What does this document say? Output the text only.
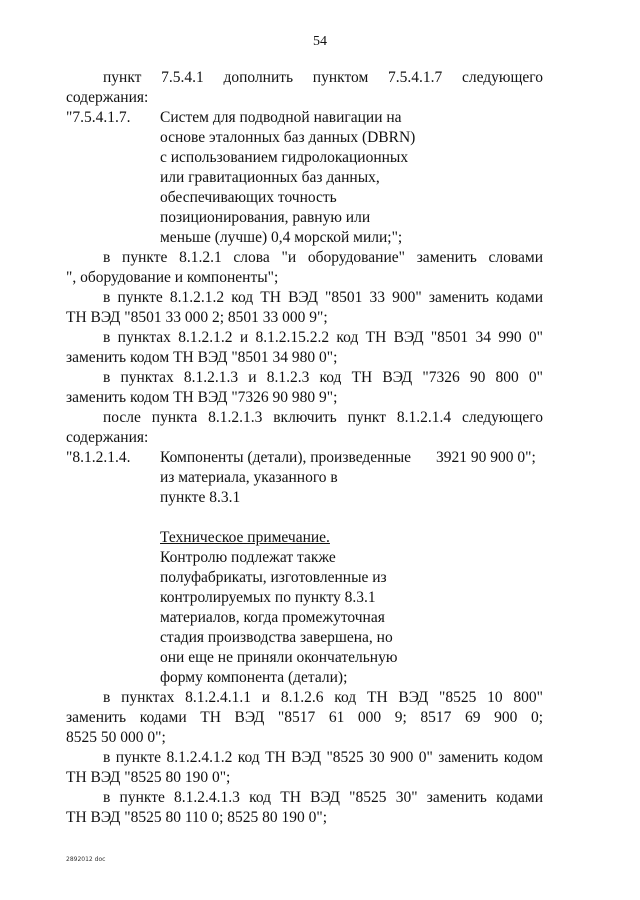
54
пункт 7.5.4.1 дополнить пунктом 7.5.4.1.7 следующего
содержания:
"7.5.4.1.7. Систем для подводной навигации на
основе эталонных баз данных (DBRN)
с использованием гидролокационных
или гравитационных баз данных,
обеспечивающих точность
позиционирования, равную или
меньше (лучше) 0,4 морской мили;";
в пункте 8.1.2.1 слова "и оборудование" заменить словами
", оборудование и компоненты";
в пункте 8.1.2.1.2 код ТН ВЭД "8501 33 900" заменить кодами
ТН ВЭД "8501 33 000 2; 8501 33 000 9";
в пунктах 8.1.2.1.2 и 8.1.2.15.2.2 код ТН ВЭД "8501 34 990 0"
заменить кодом ТН ВЭД "8501 34 980 0";
в пунктах 8.1.2.1.3 и 8.1.2.3 код ТН ВЭД "7326 90 800 0"
заменить кодом ТН ВЭД "7326 90 980 9";
после пункта 8.1.2.1.3 включить пункт 8.1.2.1.4 следующего
содержания:
"8.1.2.1.4. Компоненты (детали), произведенные 3921 90 900 0";
из материала, указанного в
пункте 8.3.1
Техническое примечание.
Контролю подлежат также
полуфабрикаты, изготовленные из
контролируемых по пункту 8.3.1
материалов, когда промежуточная
стадия производства завершена, но
они еще не приняли окончательную
форму компонента (детали);
в пунктах 8.1.2.4.1.1 и 8.1.2.6 код ТН ВЭД "8525 10 800"
заменить кодами ТН ВЭД "8517 61 000 9; 8517 69 900 0;
8525 50 000 0";
в пункте 8.1.2.4.1.2 код ТН ВЭД "8525 30 900 0" заменить кодом
ТН ВЭД "8525 80 190 0";
в пункте 8.1.2.4.1.3 код ТН ВЭД "8525 30" заменить кодами
ТН ВЭД "8525 80 110 0; 8525 80 190 0";
2892012 doc
